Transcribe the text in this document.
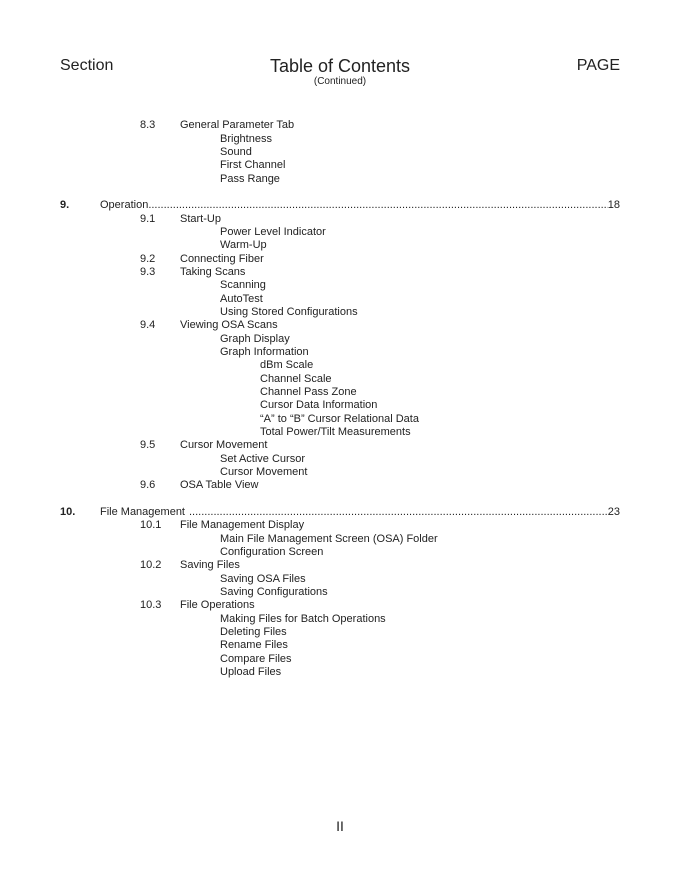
Section	Table of Contents
(Continued)
PAGE
8.3 General Parameter Tab
Brightness
Sound
First Channel
Pass Range
9.	Operation .....	18
9.1 Start-Up
Power Level Indicator
Warm-Up
9.2 Connecting Fiber
9.3 Taking Scans
Scanning
AutoTest
Using Stored Configurations
9.4 Viewing OSA Scans
Graph Display
Graph Information
dBm Scale
Channel Scale
Channel Pass Zone
Cursor Data Information
“A” to “B” Cursor Relational Data
Total Power/Tilt Measurements
9.5 Cursor Movement
Set Active Cursor
Cursor Movement
9.6 OSA Table View
10. File Management .....	23
10.1 File Management Display
Main File Management Screen (OSA) Folder
Configuration Screen
10.2 Saving Files
Saving OSA Files
Saving Configurations
10.3 File Operations
Making Files for Batch Operations
Deleting Files
Rename Files
Compare Files
Upload Files
II
